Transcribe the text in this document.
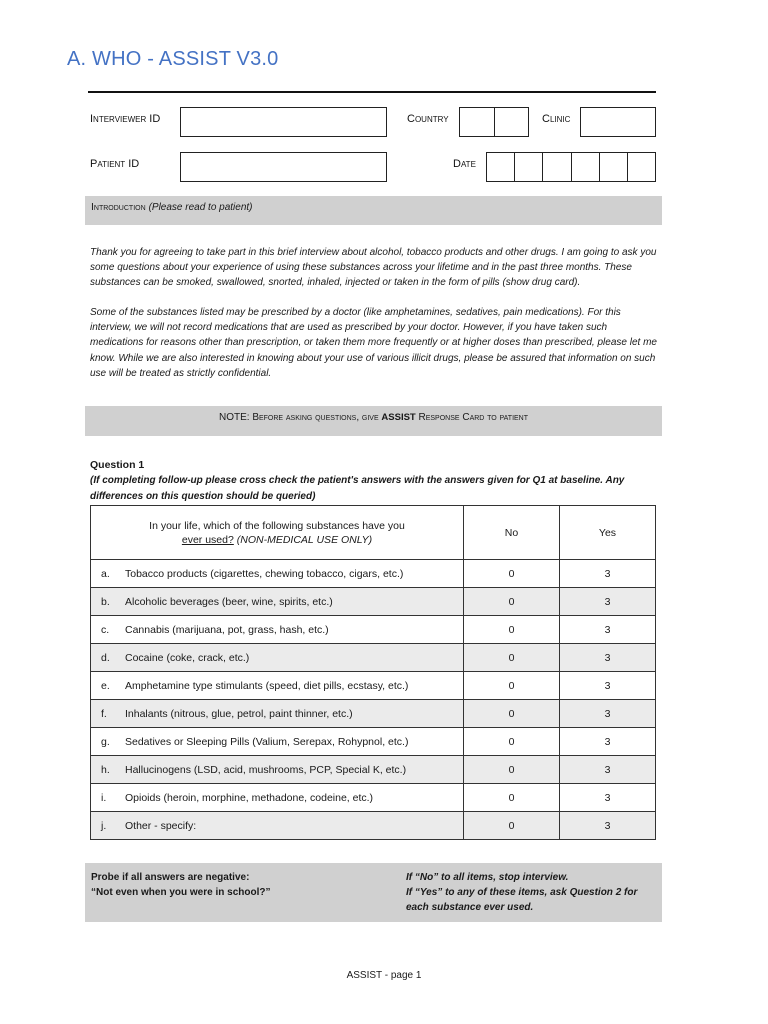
A. WHO - ASSIST V3.0
Interviewer ID	Country	Clinic
Patient ID	Date
Introduction (Please read to patient)
Thank you for agreeing to take part in this brief interview about alcohol, tobacco products and other drugs. I am going to ask you some questions about your experience of using these substances across your lifetime and in the past three months. These substances can be smoked, swallowed, snorted, inhaled, injected or taken in the form of pills (show drug card).
Some of the substances listed may be prescribed by a doctor (like amphetamines, sedatives, pain medications). For this interview, we will not record medications that are used as prescribed by your doctor. However, if you have taken such medications for reasons other than prescription, or taken them more frequently or at higher doses than prescribed, please let me know. While we are also interested in knowing about your use of various illicit drugs, please be assured that information on such use will be treated as strictly confidential.
NOTE: Before asking questions, give ASSIST Response Card to patient
Question 1
(If completing follow-up please cross check the patient's answers with the answers given for Q1 at baseline. Any differences on this question should be queried)
In your life, which of the following substances have you
ever used? (NON-MEDICAL USE ONLY)	No	Yes
a. Tobacco products (cigarettes, chewing tobacco, cigars, etc.)	0	3
b. Alcoholic beverages (beer, wine, spirits, etc.)	0	3
c. Cannabis (marijuana, pot, grass, hash, etc.)	0	3
d. Cocaine (coke, crack, etc.)	0	3
e. Amphetamine type stimulants (speed, diet pills, ecstasy, etc.)	0	3
f. Inhalants (nitrous, glue, petrol, paint thinner, etc.)	0	3
g. Sedatives or Sleeping Pills (Valium, Serepax, Rohypnol, etc.)	0	3
h. Hallucinogens (LSD, acid, mushrooms, PCP, Special K, etc.)	0	3
i. Opioids (heroin, morphine, methadone, codeine, etc.)	0	3
j. Other - specify:	0	3
Probe if all answers are negative:
“Not even when you were in school?”
If “No” to all items, stop interview.
If “Yes” to any of these items, ask Question 2 for each substance ever used.
ASSIST - page 1
